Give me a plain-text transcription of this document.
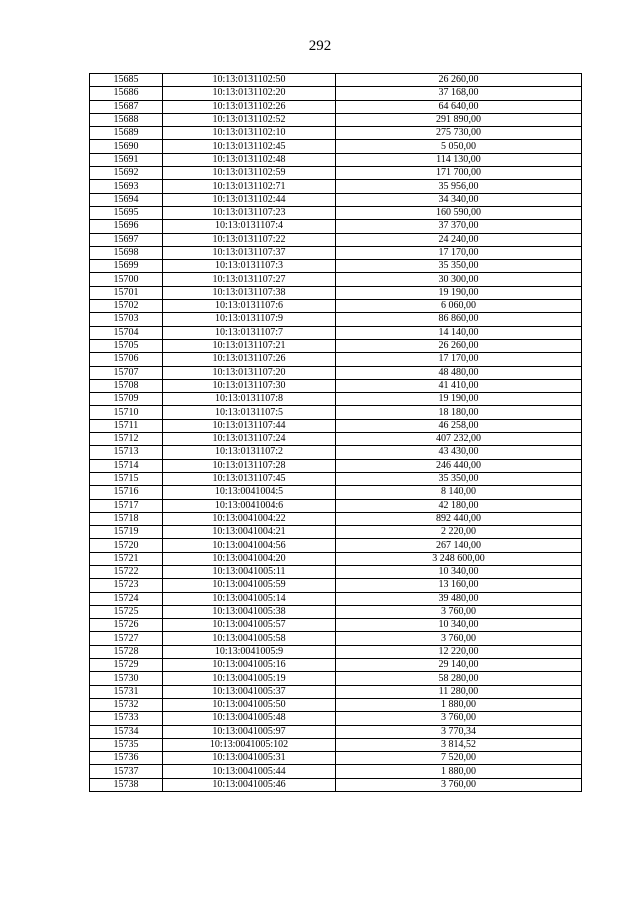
292
15685	10:13:0131102:50	26 260,00
15686	10:13:0131102:20	37 168,00
15687	10:13:0131102:26	64 640,00
15688	10:13:0131102:52	291 890,00
15689	10:13:0131102:10	275 730,00
15690	10:13:0131102:45	5 050,00
15691	10:13:0131102:48	114 130,00
15692	10:13:0131102:59	171 700,00
15693	10:13:0131102:71	35 956,00
15694	10:13:0131102:44	34 340,00
15695	10:13:0131107:23	160 590,00
15696	10:13:0131107:4	37 370,00
15697	10:13:0131107:22	24 240,00
15698	10:13:0131107:37	17 170,00
15699	10:13:0131107:3	35 350,00
15700	10:13:0131107:27	30 300,00
15701	10:13:0131107:38	19 190,00
15702	10:13:0131107:6	6 060,00
15703	10:13:0131107:9	86 860,00
15704	10:13:0131107:7	14 140,00
15705	10:13:0131107:21	26 260,00
15706	10:13:0131107:26	17 170,00
15707	10:13:0131107:20	48 480,00
15708	10:13:0131107:30	41 410,00
15709	10:13:0131107:8	19 190,00
15710	10:13:0131107:5	18 180,00
15711	10:13:0131107:44	46 258,00
15712	10:13:0131107:24	407 232,00
15713	10:13:0131107:2	43 430,00
15714	10:13:0131107:28	246 440,00
15715	10:13:0131107:45	35 350,00
15716	10:13:0041004:5	8 140,00
15717	10:13:0041004:6	42 180,00
15718	10:13:0041004:22	892 440,00
15719	10:13:0041004:21	2 220,00
15720	10:13:0041004:56	267 140,00
15721	10:13:0041004:20	3 248 600,00
15722	10:13:0041005:11	10 340,00
15723	10:13:0041005:59	13 160,00
15724	10:13:0041005:14	39 480,00
15725	10:13:0041005:38	3 760,00
15726	10:13:0041005:57	10 340,00
15727	10:13:0041005:58	3 760,00
15728	10:13:0041005:9	12 220,00
15729	10:13:0041005:16	29 140,00
15730	10:13:0041005:19	58 280,00
15731	10:13:0041005:37	11 280,00
15732	10:13:0041005:50	1 880,00
15733	10:13:0041005:48	3 760,00
15734	10:13:0041005:97	3 770,34
15735	10:13:0041005:102	3 814,52
15736	10:13:0041005:31	7 520,00
15737	10:13:0041005:44	1 880,00
15738	10:13:0041005:46	3 760,00
